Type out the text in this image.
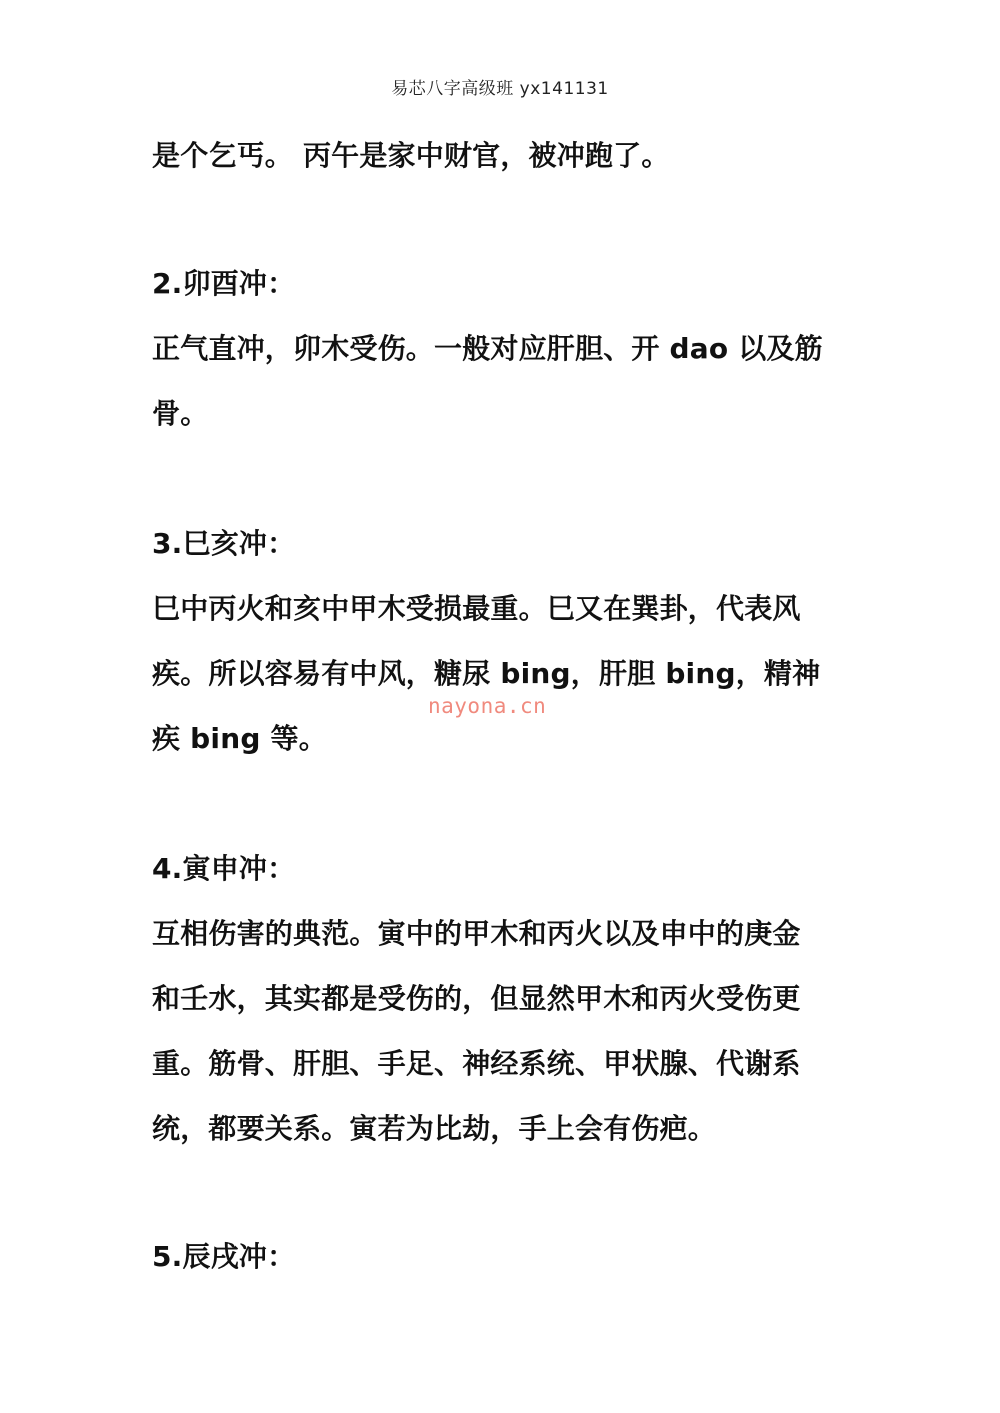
易芯八字高级班 yx141131
是个乞丐。 丙午是家中财官，被冲跑了。
2.卯酉冲：
正气直冲，卯木受伤。一般对应肝胆、开 dao 以及筋
骨。
3.巳亥冲：
巳中丙火和亥中甲木受损最重。巳又在巽卦，代表风
疾。所以容易有中风，糖尿 bing，肝胆 bing，精神
疾 bing 等。
4.寅申冲：
互相伤害的典范。寅中的甲木和丙火以及申中的庚金
和壬水，其实都是受伤的，但显然甲木和丙火受伤更
重。筋骨、肝胆、手足、神经系统、甲状腺、代谢系
统，都要关系。寅若为比劫，手上会有伤疤。
5.辰戌冲：
nayona.cn
